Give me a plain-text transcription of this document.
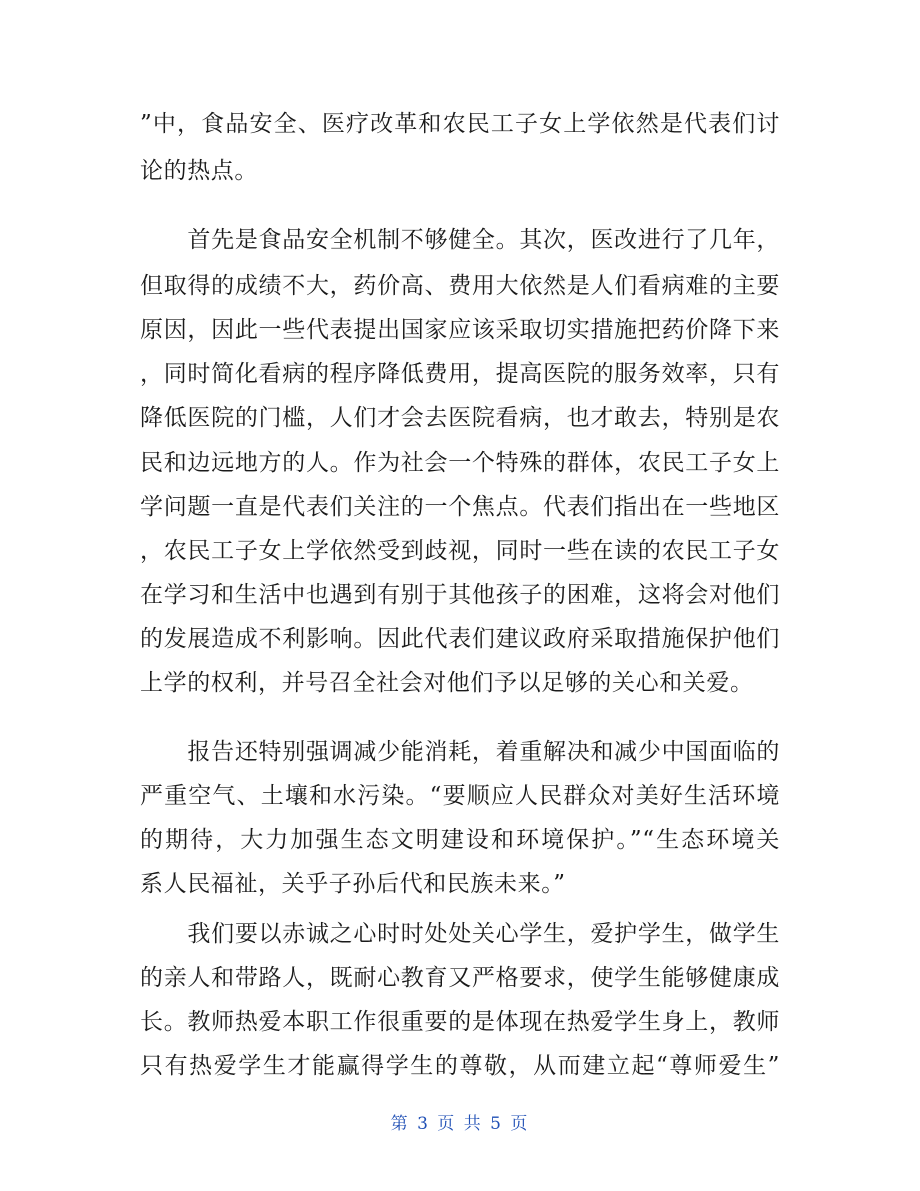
”中，食品安全、医疗改革和农民工子女上学依然是代表们讨
论的热点。
　　首先是食品安全机制不够健全。其次，医改进行了几年，
但取得的成绩不大，药价高、费用大依然是人们看病难的主要
原因，因此一些代表提出国家应该采取切实措施把药价降下来
，同时简化看病的程序降低费用，提高医院的服务效率，只有
降低医院的门槛，人们才会去医院看病，也才敢去，特别是农
民和边远地方的人。作为社会一个特殊的群体，农民工子女上
学问题一直是代表们关注的一个焦点。代表们指出在一些地区
，农民工子女上学依然受到歧视，同时一些在读的农民工子女
在学习和生活中也遇到有别于其他孩子的困难，这将会对他们
的发展造成不利影响。因此代表们建议政府采取措施保护他们
上学的权利，并号召全社会对他们予以足够的关心和关爱。
　　报告还特别强调减少能消耗，着重解决和减少中国面临的
严重空气、土壤和水污染。“要顺应人民群众对美好生活环境
的期待，大力加强生态文明建设和环境保护。”“生态环境关
系人民福祉，关乎子孙后代和民族未来。”
　　我们要以赤诚之心时时处处关心学生，爱护学生，做学生
的亲人和带路人，既耐心教育又严格要求，使学生能够健康成
长。教师热爱本职工作很重要的是体现在热爱学生身上，教师
只有热爱学生才能赢得学生的尊敬，从而建立起“尊师爱生”
第 3 页 共 5 页
